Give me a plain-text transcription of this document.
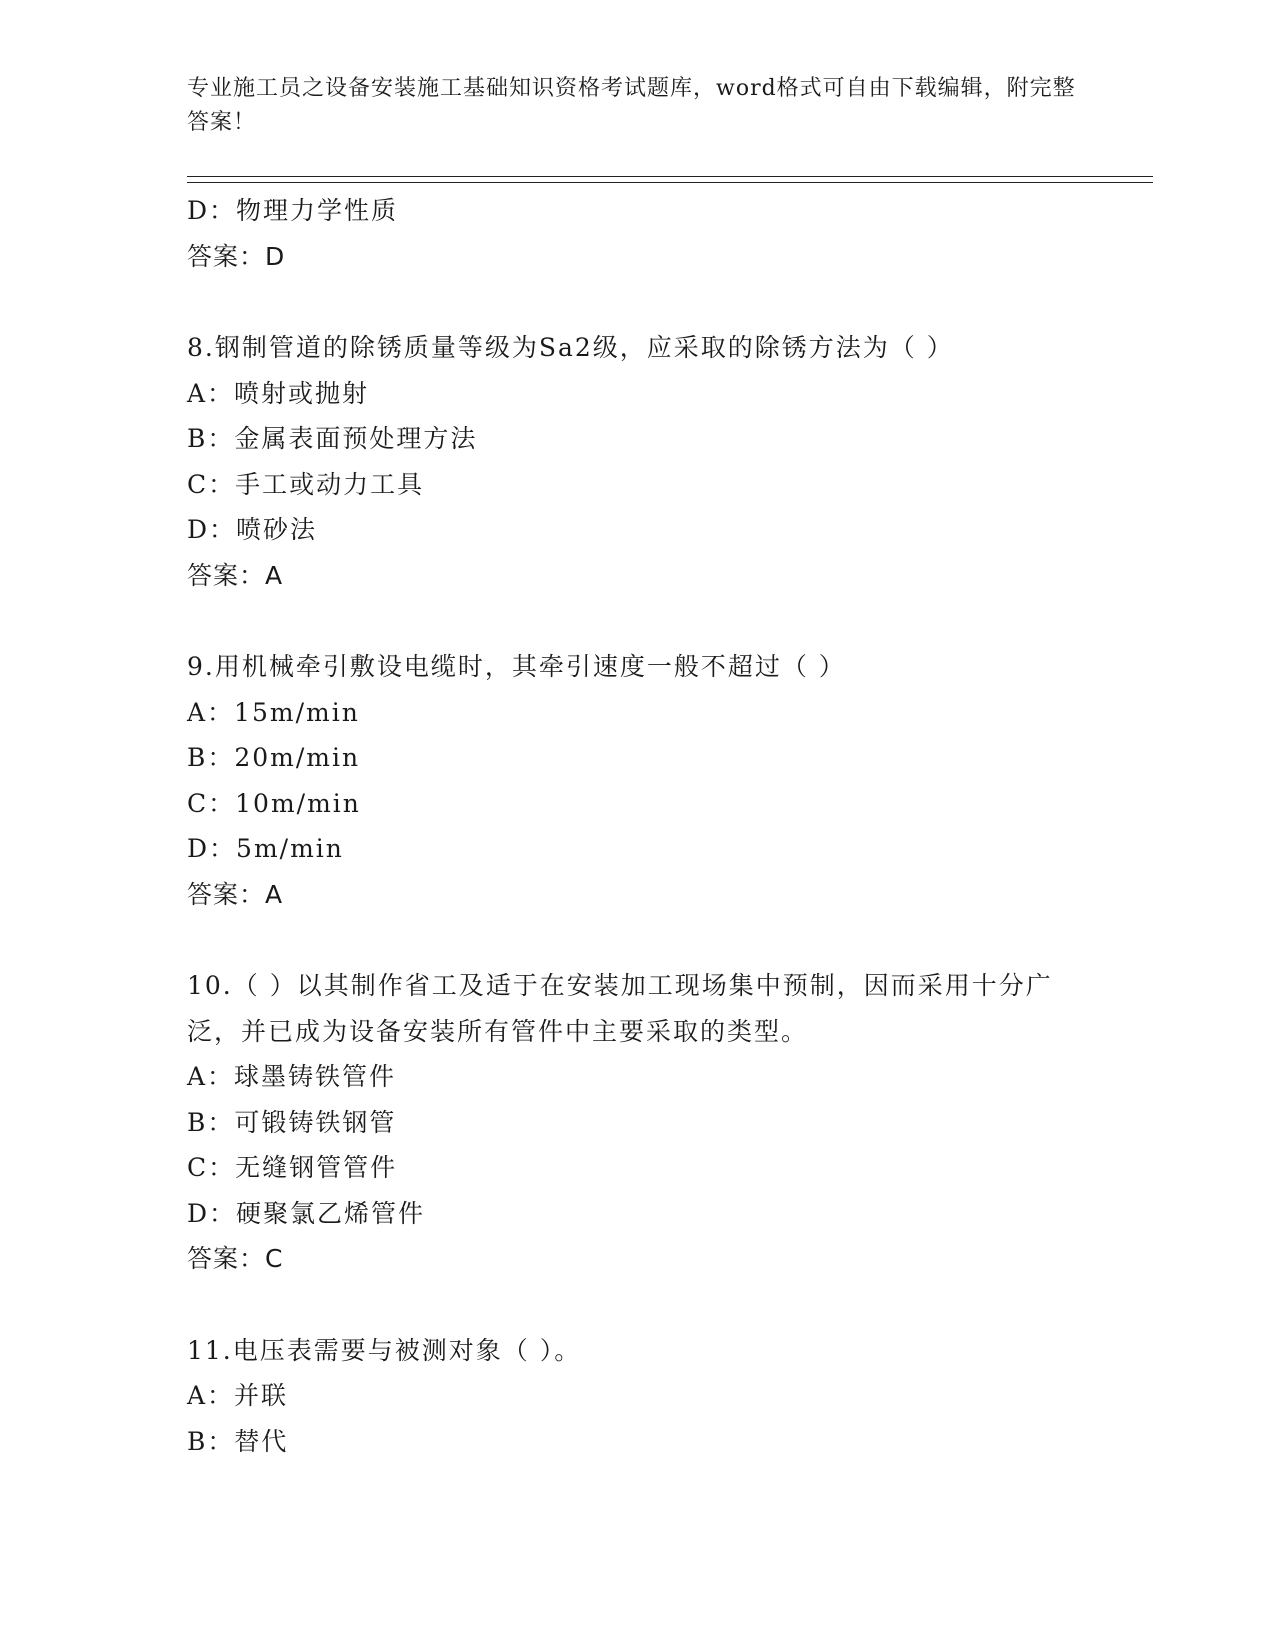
专业施工员之设备安装施工基础知识资格考试题库，word格式可自由下载编辑，附完整答案！
D：物理力学性质
答案：D
8.钢制管道的除锈质量等级为Sa2级，应采取的除锈方法为（ ）
A：喷射或抛射
B：金属表面预处理方法
C：手工或动力工具
D：喷砂法
答案：A
9.用机械牵引敷设电缆时，其牵引速度一般不超过（ ）
A：15m/min
B：20m/min
C：10m/min
D：5m/min
答案：A
10.（ ）以其制作省工及适于在安装加工现场集中预制，因而采用十分广泛，并已成为设备安装所有管件中主要采取的类型。
A：球墨铸铁管件
B：可锻铸铁钢管
C：无缝钢管管件
D：硬聚氯乙烯管件
答案：C
11.电压表需要与被测对象（ ）。
A：并联
B：替代
